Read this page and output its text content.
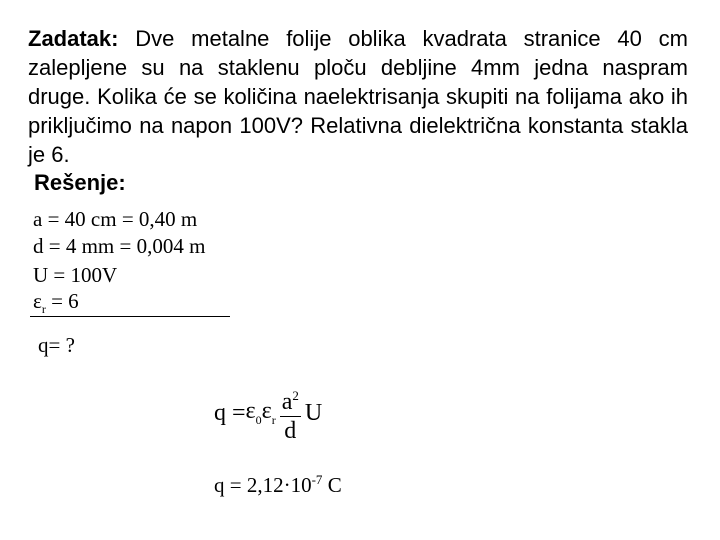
Zadatak: Dve metalne folije oblika kvadrata stranice 40 cm zalepljene su na staklenu ploču debljine 4mm jedna naspram druge. Kolika će se količina naelektrisanja skupiti na folijama ako ih priključimo na napon 100V? Relativna dielektrična konstanta stakla je 6.

Rešenje:
a = 40 cm = 0,40 m
d = 4 mm = 0,004 m
U = 100V
$\varepsilon_r = 6$
q= ?
$q = \varepsilon_0$ $\varepsilon_r \frac{a^2}{d}$ U
$q = 2,12\cdot 10^{-7}$ C
